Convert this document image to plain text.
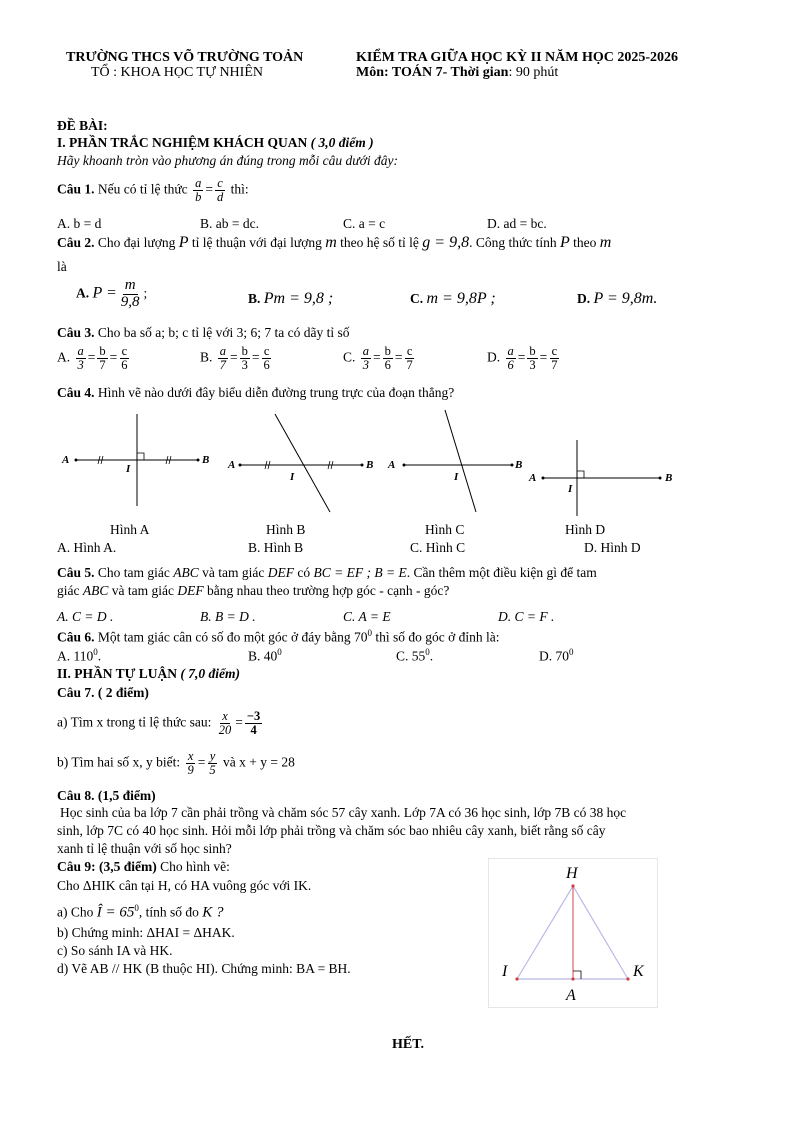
TRƯỜNG THCS VÕ TRƯỜNG TOẢN
TỔ : KHOA HỌC TỰ NHIÊN
KIỂM TRA GIỮA HỌC KỲ II NĂM HỌC 2025-2026
Môn: TOÁN 7- Thời gian: 90 phút
ĐỀ BÀI:
I. PHẦN TRẮC NGHIỆM KHÁCH QUAN ( 3,0 điểm )
Hãy khoanh tròn vào phương án đúng trong mỗi câu dưới đây:
Câu 1. Nếu có tỉ lệ thức $\frac{a}{b} = \frac{c}{d}$ thì:
A. b = d	B. ab = dc.	C. a = c	D. ad = bc.
Câu 2. Cho đại lượng P tỉ lệ thuận với đại lượng m theo hệ số tỉ lệ g = 9,8. Công thức tính P theo m
là
A. $P = \frac{m}{9,8}$ ;	B. Pm = 9,8 ;	C. m = 9,8P ;	D. P = 9,8m.
Câu 3. Cho ba số a; b; c tỉ lệ với 3; 6; 7 ta có dãy tỉ số
A. $\frac{a}{3} = \frac{b}{7} = \frac{c}{6}$	B. $\frac{a}{7} = \frac{b}{3} = \frac{c}{6}$	C. $\frac{a}{3} = \frac{b}{6} = \frac{c}{7}$	D. $\frac{a}{6} = \frac{b}{3} = \frac{c}{7}$
Câu 4. Hình vẽ nào dưới đây biểu diễn đường trung trực của đoạn thẳng?
A	B
I	A	B
I
A	B
I	A	B
I
Hình A	Hình B	Hình C	Hình D
A. Hình A.	B. Hình B	C. Hình C	D. Hình D
Câu 5. Cho tam giác ABC và tam giác DEF có BC = EF ; B = E. Cần thêm một điều kiện gì để tam
giác ABC và tam giác DEF bằng nhau theo trường hợp góc - cạnh - góc?
A. C = D .	B. B = D .	C. A = E	D. C = F .
Câu 6. Một tam giác cân có số đo một góc ở đáy bằng $70^0$ thì số đo góc ở đỉnh là:
A. $110^0$.	B. $40^0$	C. $55^0$.	D. $70^0$
II. PHẦN TỰ LUẬN ( 7,0 điểm)
Câu 7. ( 2 điểm)
a) Tìm x trong tỉ lệ thức sau: $\frac{x}{20} = \frac{-3}{4}$
b) Tìm hai số x, y biết: $\frac{x}{9} = \frac{y}{5}$ và x + y = 28
Câu 8. (1,5 điểm)
Học sinh của ba lớp 7 cần phải trồng và chăm sóc 57 cây xanh. Lớp 7A có 36 học sinh, lớp 7B có 38 học
sinh, lớp 7C có 40 học sinh. Hỏi mỗi lớp phải trồng và chăm sóc bao nhiêu cây xanh, biết rằng số cây
xanh tỉ lệ thuận với số học sinh?
Câu 9: (3,5 điểm) Cho hình vẽ:
Cho ΔHIK cân tại H, có HA vuông góc với IK.
a) Cho Î = $65^0$, tính số đo K ?
b) Chứng minh: ΔHAI = ΔHAK.
c) So sánh IA và HK.
d) Vẽ AB // HK (B thuộc HI). Chứng minh: BA = BH.
H
I	K
A
HẾT.
